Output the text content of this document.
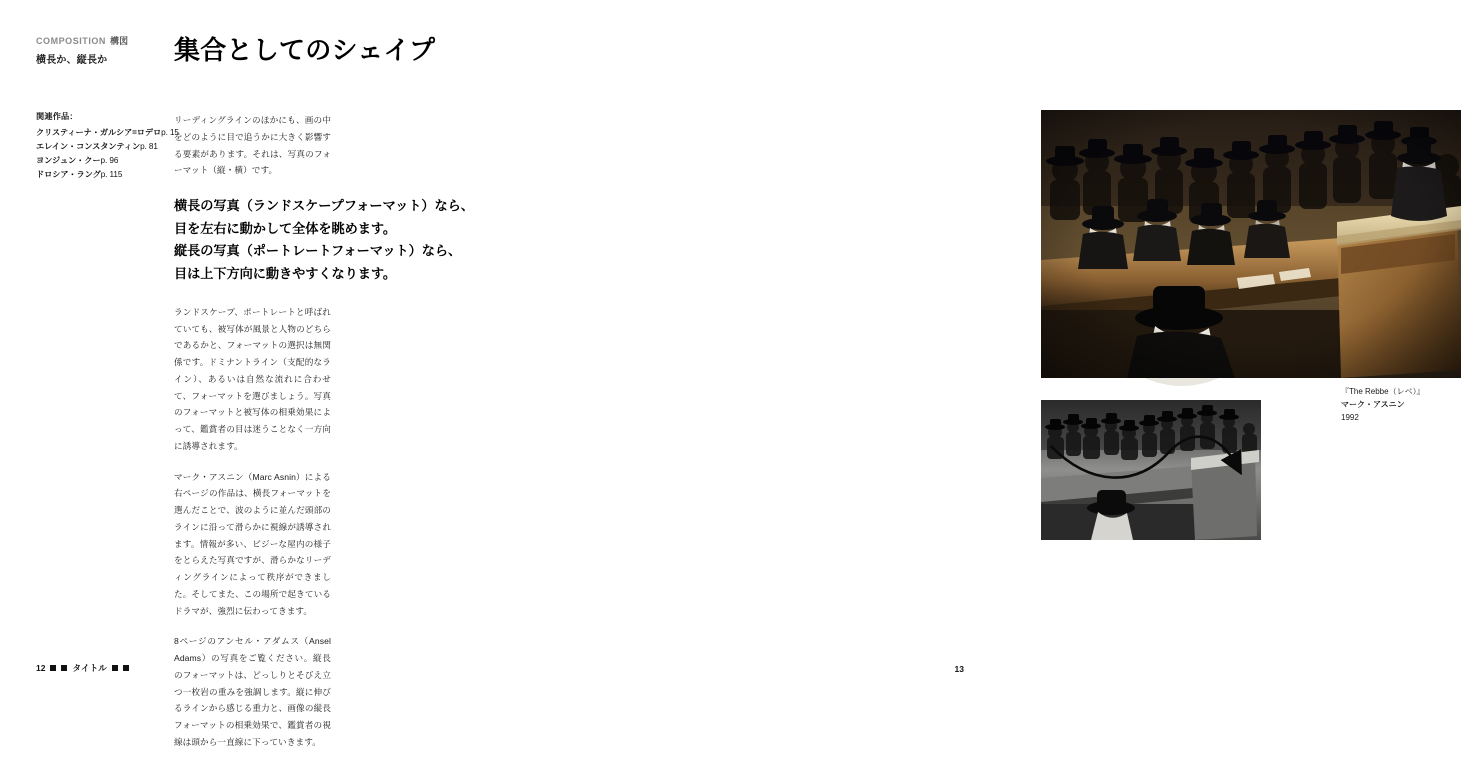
COMPOSITION 構図
横長か、縦長か	集合としてのシェイプ
関連作品：
クリスティーナ・ガルシア=ロデロp. 15
エレイン・コンスタンティンp. 81
ヨンジュン・クーp. 96
ドロシア・ラングp. 115

リーディングラインのほかにも、画の中をどのように目で追うかに大きく影響する要素があります。それは、写真のフォーマット（縦・横）です。

横長の写真（ランドスケープフォーマット）なら、
目を左右に動かして全体を眺めます。
縦長の写真（ポートレートフォーマット）なら、
目は上下方向に動きやすくなります。

ランドスケープ、ポートレートと呼ばれていても、被写体が風景と人物のどちらであるかと、フォーマットの選択は無関係です。ドミナントライン（支配的なライン）、あるいは自然な流れに合わせて、フォーマットを選びましょう。写真のフォーマットと被写体の相乗効果によって、鑑賞者の目は迷うことなく一方向に誘導されます。

マーク・アスニン（Marc Asnin）による右ページの作品は、横長フォーマットを選んだことで、波のように並んだ頭部のラインに沿って滑らかに視線が誘導されます。情報が多い、ビジーな屋内の様子をとらえた写真ですが、滑らかなリーディングラインによって秩序ができました。そしてまた、この場所で起きているドラマが、強烈に伝わってきます。

8ページのアンセル・アダムス（Ansel Adams）の写真をご覧ください。縦長のフォーマットは、どっしりとそびえ立つ一枚岩の重みを強調します。縦に伸びるラインから感じる重力と、画像の縦長フォーマットの相乗効果で、鑑賞者の視線は頭から一直線に下っていきます。

12	タイトル
『The Rebbe（レベ）』
マーク・アスニン
1992
13
